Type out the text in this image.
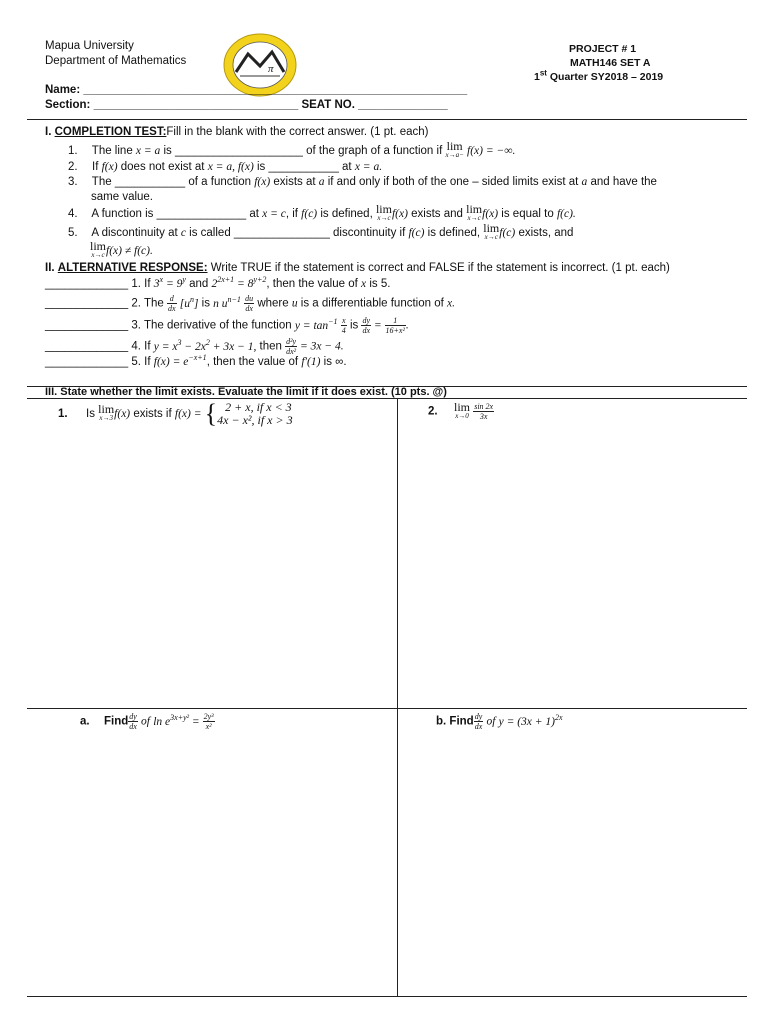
Mapua University
Department of Mathematics
π
PROJECT # 1
MATH146 SET A
1st Quarter SY2018 – 2019
Name: ____________________________________________________________
Section: ________________________________ SEAT NO. ______________
I. COMPLETION TEST:Fill in the blank with the correct answer. (1 pt. each)
1. The line x = a is ____________________ of the graph of a function if lim
x→a− f(x) = −∞.
2. If f(x) does not exist at x = a, f(x) is ___________ at x = a.
3. The ___________ of a function f(x) exists at a if and only if both of the one – sided limits exist at a and have the
same value.
4. A function is ______________ at x = c, if f(c) is defined, lim
x→c f(x) exists and lim
x→c f(x) is equal to f(c).
5. A discontinuity at c is called _______________ discontinuity if f(c) is defined, lim
x→c f(c) exists, and
lim
x→c f(x) ≠ f(c).
II. ALTERNATIVE RESPONSE: Write TRUE if the statement is correct and FALSE if the statement is incorrect. (1 pt. each)
_____________ 1. If $3^x = 9^y$ and $2^{2x+1} = 8^{y+2}$, then the value of x is 5.
_____________ 2. The $\frac{d}{dx} [u^n]$ is n $u^{n-1} \frac{du}{dx}$ where u is a differentiable function of x.
_____________ 3. The derivative of the function $y = \tan^{-1} \frac{x}{4}$ is $\frac{dy}{dx} = \frac{1}{\text{16+x²}}$ .
_____________ 4. If $y = x^3 - 2x^2 + 3x - 1$, then $\frac{\text{d²y}}{\text{dx²}} = 3x - 4$.
_____________ 5. If $f(x) = e^{-x+1}$, then the value of f′(1) is ∞.
III. State whether the limit exists. Evaluate the limit if it does exist. (10 pts. @)
1. Is lim
x→3 f(x) exists if f(x) = { 2 + x, if x < 3
4x − x², if x > 3
2. lim
x→0
$\frac{\sin 2x}{3x}$
a. Find $\frac{dy}{dx}$ of $\ln e^{3x+y^2} = \frac{\text{2y³}}{\text{x²}}$	b. Find $\frac{dy}{dx}$ of $y = (3x + 1)^{2x}$
